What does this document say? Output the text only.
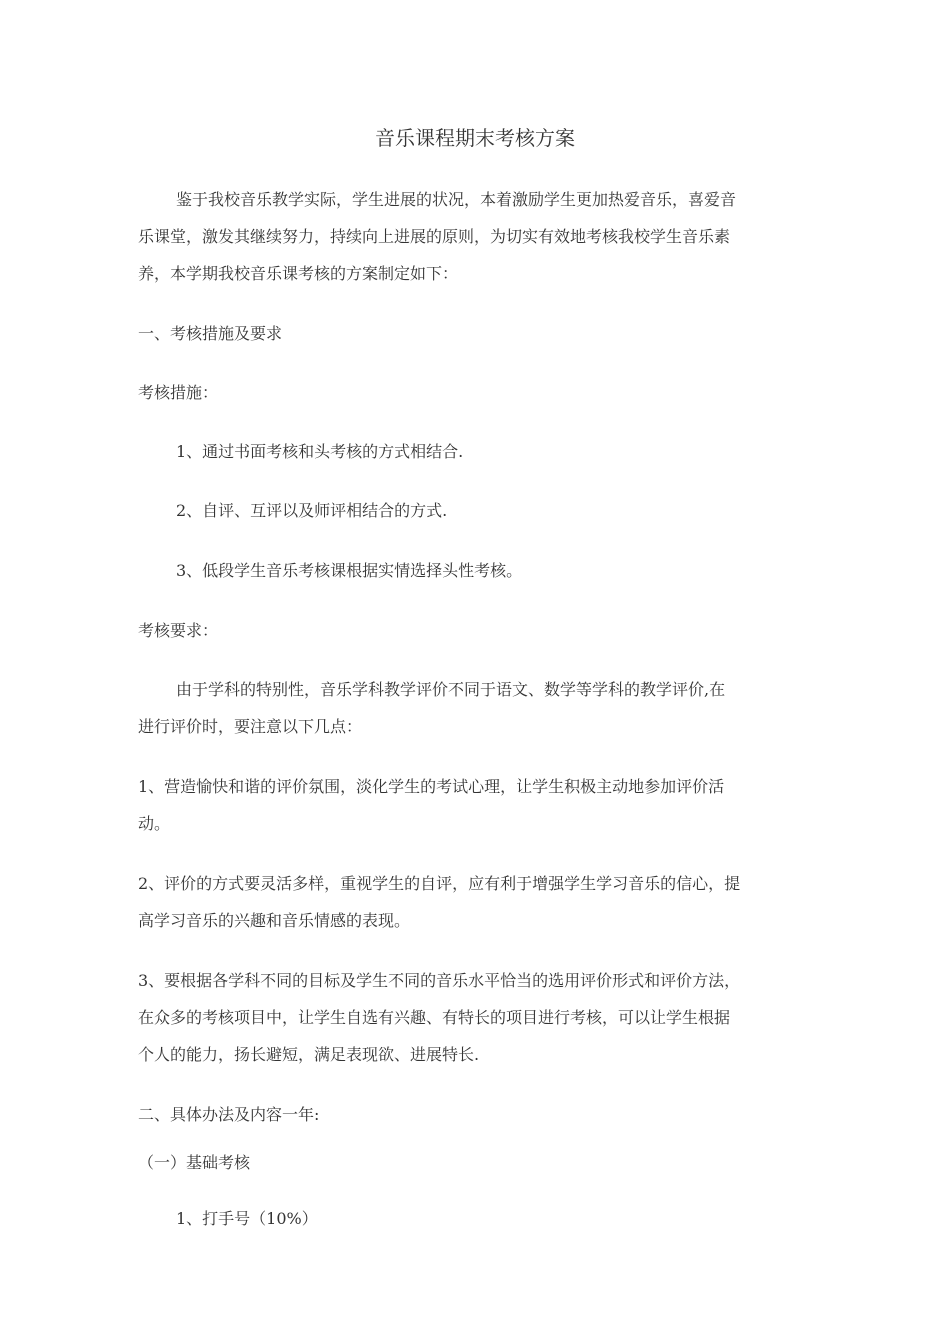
音乐课程期末考核方案
鉴于我校音乐教学实际，学生进展的状况，本着激励学生更加热爱音乐，喜爱音
乐课堂，激发其继续努力，持续向上进展的原则，为切实有效地考核我校学生音乐素
养，本学期我校音乐课考核的方案制定如下：
一、考核措施及要求
考核措施：
1、通过书面考核和头考核的方式相结合.
2、自评、互评以及师评相结合的方式.
3、低段学生音乐考核课根据实情选择头性考核。
考核要求：
由于学科的特别性，音乐学科教学评价不同于语文、数学等学科的教学评价,在
进行评价时，要注意以下几点：
1、营造愉快和谐的评价氛围，淡化学生的考试心理，让学生积极主动地参加评价活
动。
2、评价的方式要灵活多样，重视学生的自评，应有利于增强学生学习音乐的信心，提
高学习音乐的兴趣和音乐情感的表现。
3、要根据各学科不同的目标及学生不同的音乐水平恰当的选用评价形式和评价方法，
在众多的考核项目中，让学生自选有兴趣、有特长的项目进行考核，可以让学生根据
个人的能力，扬长避短，满足表现欲、进展特长.
二、具体办法及内容一年:
（一）基础考核
1、打手号（10%）
